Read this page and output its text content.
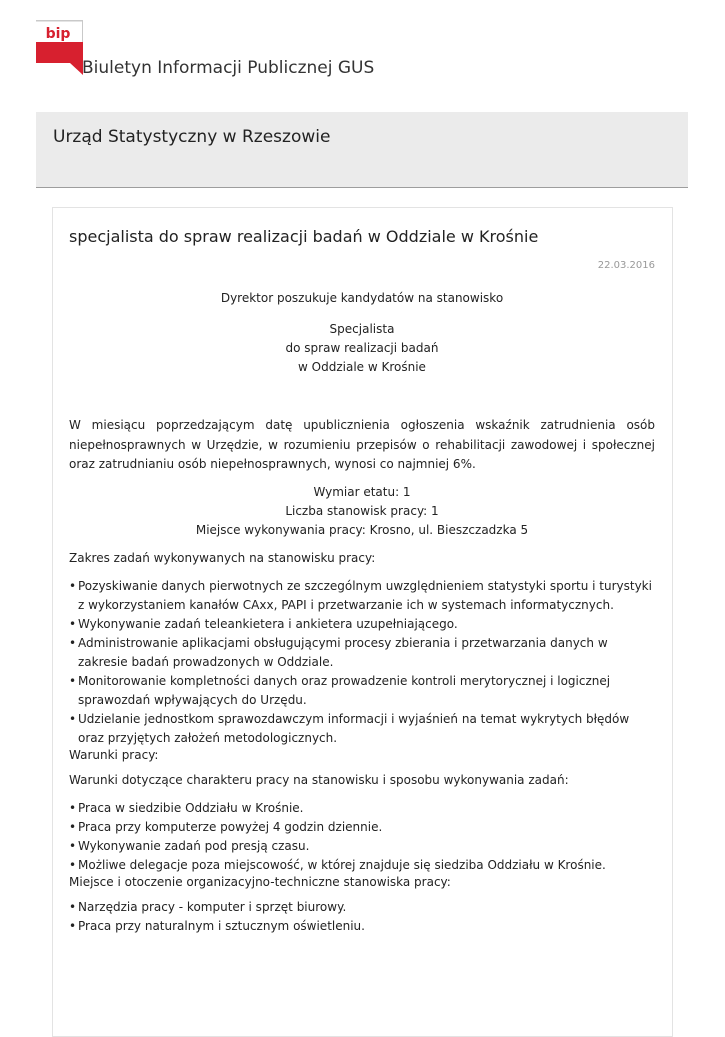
bip
Biuletyn Informacji Publicznej GUS
Urząd Statystyczny w Rzeszowie
specjalista do spraw realizacji badań w Oddziale w Krośnie
22.03.2016
Dyrektor poszukuje kandydatów na stanowisko
Specjalista
do spraw realizacji badań
w Oddziale w Krośnie
W miesiącu poprzedzającym datę upublicznienia ogłoszenia wskaźnik zatrudnienia osób niepełnosprawnych w Urzędzie, w rozumieniu przepisów o rehabilitacji zawodowej i społecznej oraz zatrudnianiu osób niepełnosprawnych, wynosi co najmniej 6%.
Wymiar etatu: 1
Liczba stanowisk pracy: 1
Miejsce wykonywania pracy: Krosno, ul. Bieszczadzka 5

Zakres zadań wykonywanych na stanowisku pracy:

• Pozyskiwanie danych pierwotnych ze szczególnym uwzględnieniem statystyki sportu i turystyki z wykorzystaniem kanałów CAxx, PAPI i przetwarzanie ich w systemach informatycznych.
• Wykonywanie zadań teleankietera i ankietera uzupełniającego.
• Administrowanie aplikacjami obsługującymi procesy zbierania i przetwarzania danych w zakresie badań prowadzonych w Oddziale.
• Monitorowanie kompletności danych oraz prowadzenie kontroli merytorycznej i logicznej sprawozdań wpływających do Urzędu.
• Udzielanie jednostkom sprawozdawczym informacji i wyjaśnień na temat wykrytych błędów oraz przyjętych założeń metodologicznych.
Warunki pracy:

Warunki dotyczące charakteru pracy na stanowisku i sposobu wykonywania zadań:

• Praca w siedzibie Oddziału w Krośnie.
• Praca przy komputerze powyżej 4 godzin dziennie.
• Wykonywanie zadań pod presją czasu.
• Możliwe delegacje poza miejscowość, w której znajduje się siedziba Oddziału w Krośnie.
Miejsce i otoczenie organizacyjno-techniczne stanowiska pracy:
• Narzędzia pracy - komputer i sprzęt biurowy.
• Praca przy naturalnym i sztucznym oświetleniu.
